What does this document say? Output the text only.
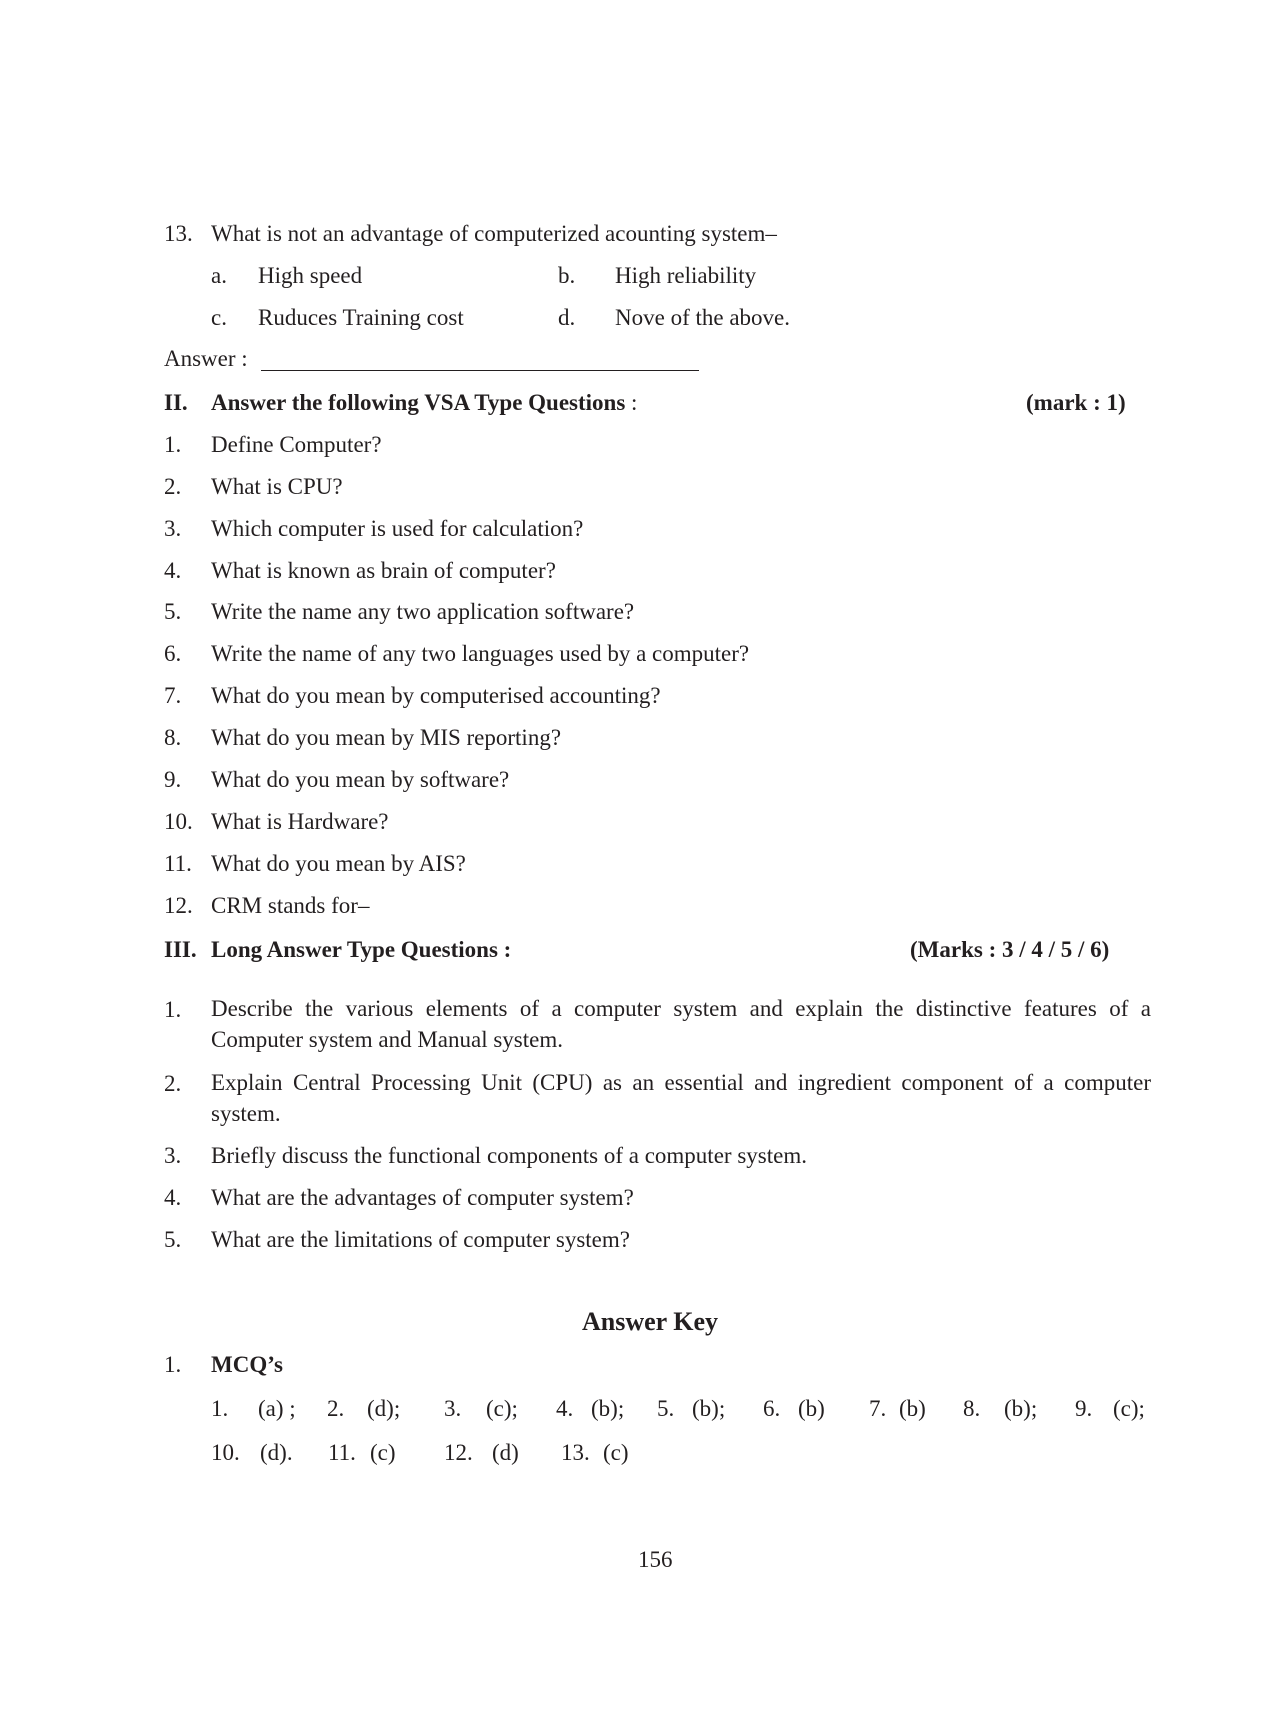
13. What is not an advantage of computerized acounting system–
a. High speed	b. High reliability
c. Ruduces Training cost	d. Nove of the above.
Answer :
II. Answer the following VSA Type Questions :	(mark : 1)
1. Define Computer?
2. What is CPU?
3. Which computer is used for calculation?
4. What is known as brain of computer?
5. Write the name any two application software?
6. Write the name of any two languages used by a computer?
7. What do you mean by computerised accounting?
8. What do you mean by MIS reporting?
9. What do you mean by software?
10. What is Hardware?
11. What do you mean by AIS?
12. CRM stands for–
III. Long Answer Type Questions :	(Marks : 3 / 4 / 5 / 6)
1. Describe the various elements of a computer system and explain the distinctive features of a Computer system and Manual system.
2. Explain Central Processing Unit (CPU) as an essential and ingredient component of a computer system.
3. Briefly discuss the functional components of a computer system.
4. What are the advantages of computer system?
5. What are the limitations of computer system?
Answer Key
1. MCQ’s
1. (a) ; 2. (d); 3. (c); 4. (b); 5. (b); 6. (b) 7. (b) 8. (b); 9. (c);
10. (d). 11. (c) 12. (d) 13. (c)
156
